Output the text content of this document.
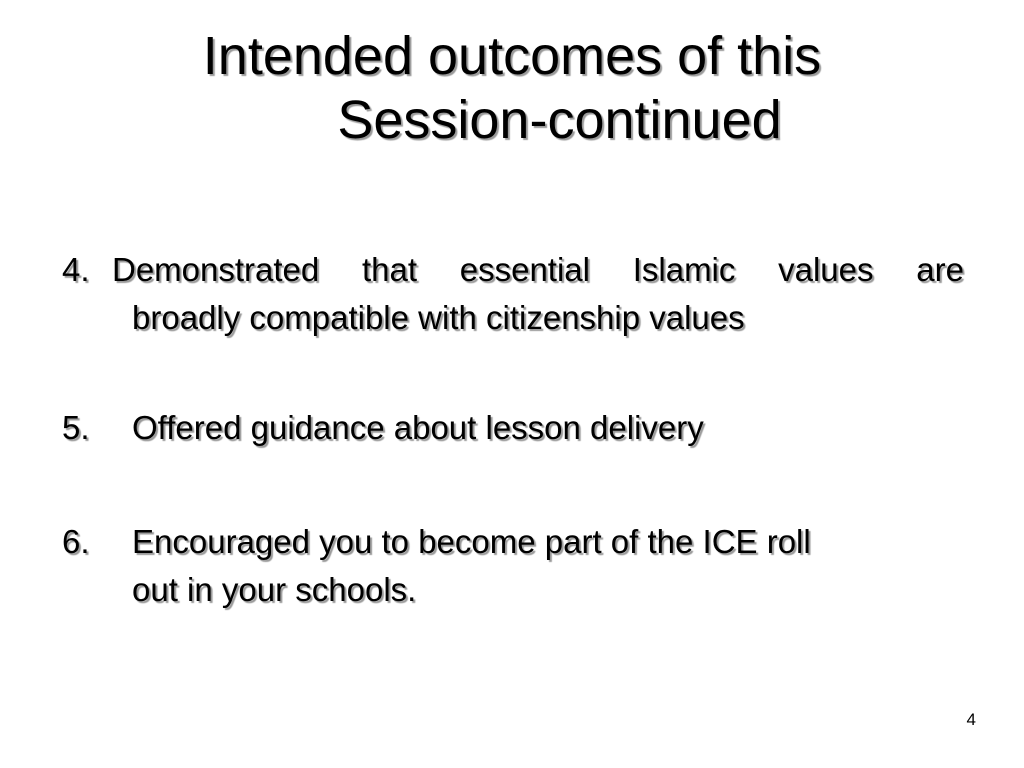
Intended outcomes of this
Session-continued
4. Demonstrated that essential Islamic values are
broadly compatible with citizenship values
5. Offered guidance about lesson delivery
6. Encouraged you to become part of the ICE roll
out in your schools.
4
